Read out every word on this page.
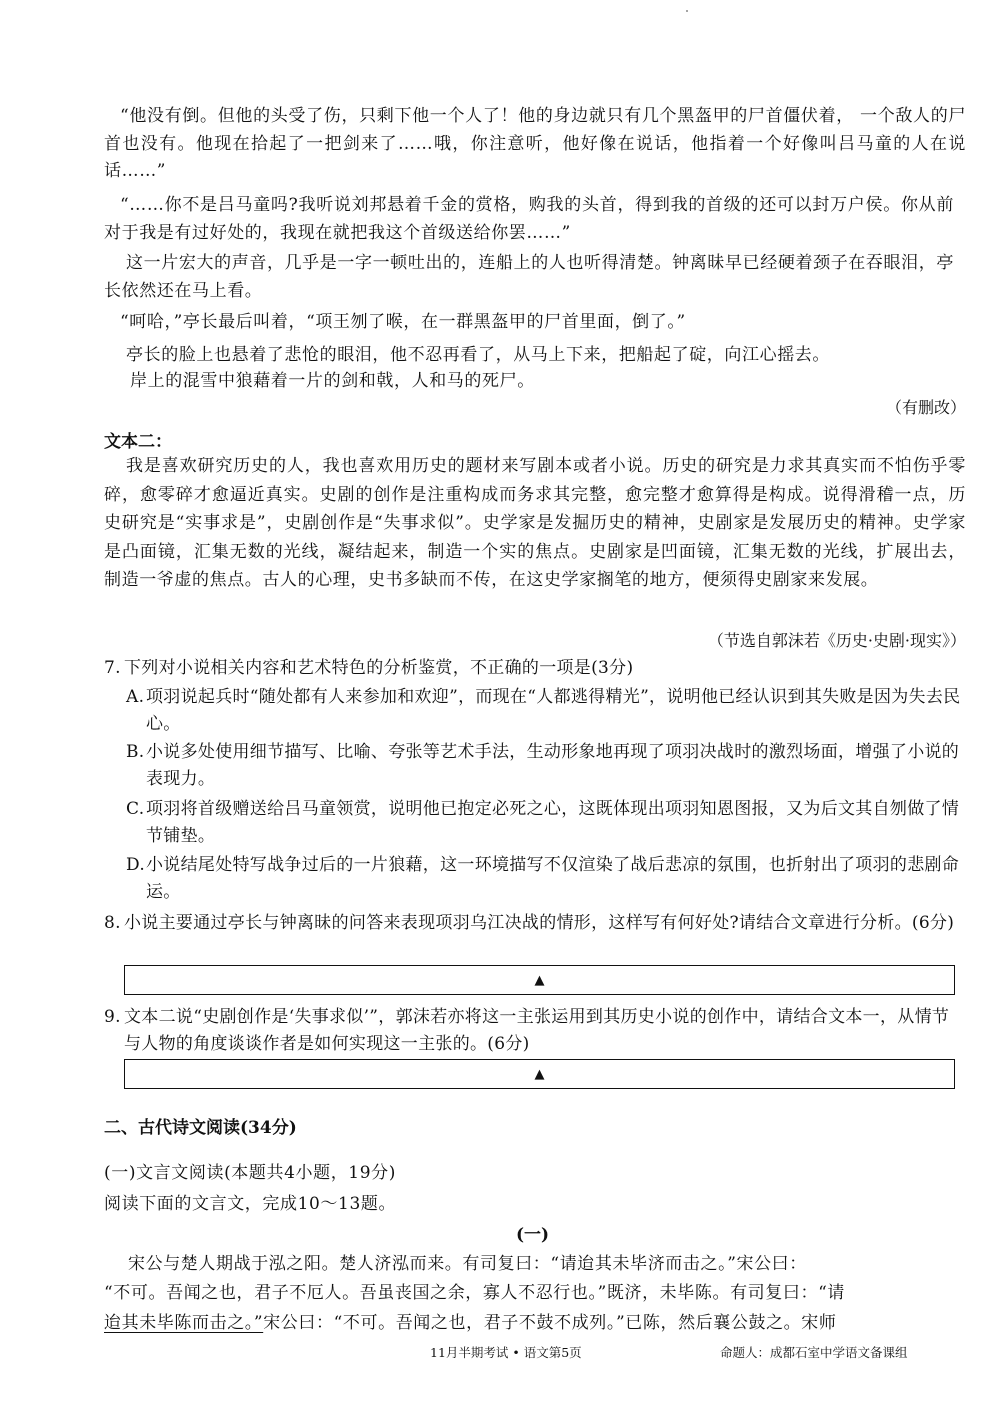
“他没有倒。但他的头受了伤，只剩下他一个人了！他的身边就只有几个黑盔甲的尸首僵伏着， 一个敌人的尸首也没有。他现在拾起了一把剑来了……哦，你注意听，他好像在说话，他指着一个好像叫吕马童的人在说话……”
“……你不是吕马童吗?我听说刘邦悬着千金的赏格，购我的头首，得到我的首级的还可以封万户侯。你从前对于我是有过好处的，我现在就把我这个首级送给你罢……”
这一片宏大的声音，几乎是一字一顿吐出的，连船上的人也听得清楚。钟离昧早已经硬着颈子在吞眼泪，亭长依然还在马上看。
“呵哈，”亭长最后叫着，“项王刎了喉，在一群黑盔甲的尸首里面，倒了。”
亭长的脸上也悬着了悲怆的眼泪，他不忍再看了，从马上下来，把船起了碇，向江心摇去。
岸上的混雪中狼藉着一片的剑和戟，人和马的死尸。
（有删改）
文本二：
我是喜欢研究历史的人，我也喜欢用历史的题材来写剧本或者小说。历史的研究是力求其真实而不怕伤乎零碎，愈零碎才愈逼近真实。史剧的创作是注重构成而务求其完整，愈完整才愈算得是构成。说得滑稽一点，历史研究是“实事求是”，史剧创作是“失事求似”。史学家是发掘历史的精神，史剧家是发展历史的精神。史学家是凸面镜，汇集无数的光线，凝结起来，制造一个实的焦点。史剧家是凹面镜，汇集无数的光线，扩展出去，制造一爷虚的焦点。古人的心理，史书多缺而不传，在这史学家搁笔的地方，便须得史剧家来发展。
（节选自郭沫若《历史·史剧·现实》）
7. 下列对小说相关内容和艺术特色的分析鉴赏，不正确的一项是(3分)
A. 项羽说起兵时“随处都有人来参加和欢迎”，而现在“人都逃得精光”，说明他已经认识到其失败是因为失去民心。
B. 小说多处使用细节描写、比喻、夸张等艺术手法，生动形象地再现了项羽决战时的激烈场面，增强了小说的表现力。
C. 项羽将首级赠送给吕马童领赏，说明他已抱定必死之心，这既体现出项羽知恩图报，又为后文其自刎做了情节铺垫。
D. 小说结尾处特写战争过后的一片狼藉，这一环境描写不仅渲染了战后悲凉的氛围，也折射出了项羽的悲剧命运。
8. 小说主要通过亭长与钟离昧的问答来表现项羽乌江决战的情形，这样写有何好处?请结合文章进行分析。(6分)
▲
9. 文本二说“史剧创作是‘失事求似’”，郭沫若亦将这一主张运用到其历史小说的创作中，请结合文本一，从情节与人物的角度谈谈作者是如何实现这一主张的。(6分)
▲
二、古代诗文阅读(34分)
(一)文言文阅读(本题共4小题，19分)
阅读下面的文言文，完成10～13题。
(一)
宋公与楚人期战于泓之阳。楚人济泓而来。有司复曰：“请迨其未毕济而击之。”宋公曰：
“不可。吾闻之也，君子不厄人。吾虽丧国之余，寡人不忍行也。”既济，未毕陈。有司复曰：“请
迨其未毕陈而击之。”宋公曰：“不可。吾闻之也，君子不鼓不成列。”已陈，然后襄公鼓之。宋师
11月半期考试 • 语文第5页	命题人：成都石室中学语文备课组
